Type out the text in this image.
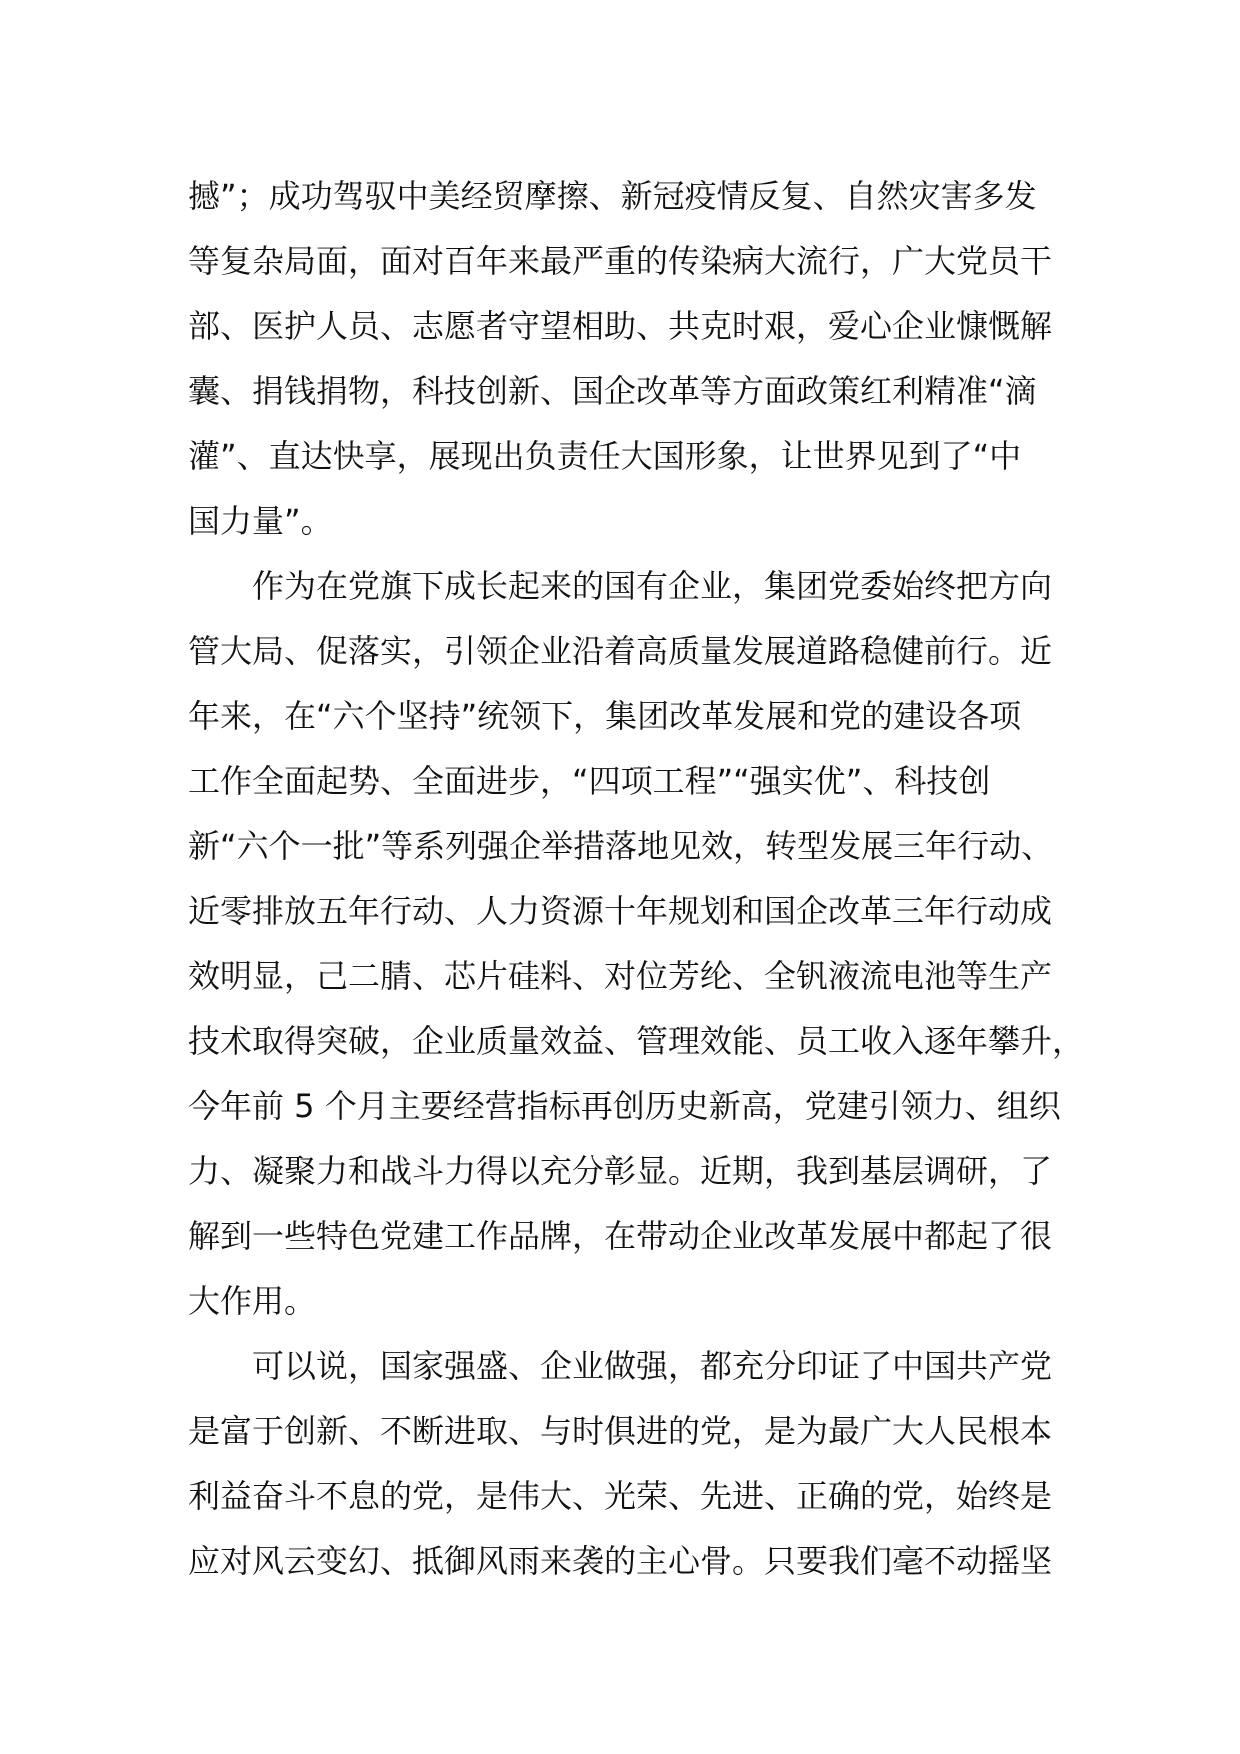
撼”；成功驾驭中美经贸摩擦、新冠疫情反复、自然灾害多发
等复杂局面，面对百年来最严重的传染病大流行，广大党员干
部、医护人员、志愿者守望相助、共克时艰，爱心企业慷慨解
囊、捐钱捐物，科技创新、国企改革等方面政策红利精准“滴
灌”、直达快享，展现出负责任大国形象，让世界见到了“中
国力量”。
作为在党旗下成长起来的国有企业，集团党委始终把方向
管大局、促落实，引领企业沿着高质量发展道路稳健前行。近
年来，在“六个坚持”统领下，集团改革发展和党的建设各项
工作全面起势、全面进步，“四项工程”“强实优”、科技创
新“六个一批”等系列强企举措落地见效，转型发展三年行动、
近零排放五年行动、人力资源十年规划和国企改革三年行动成
效明显，己二腈、芯片硅料、对位芳纶、全钒液流电池等生产
技术取得突破，企业质量效益、管理效能、员工收入逐年攀升，
今年前 5 个月主要经营指标再创历史新高，党建引领力、组织
力、凝聚力和战斗力得以充分彰显。近期，我到基层调研，了
解到一些特色党建工作品牌，在带动企业改革发展中都起了很
大作用。
可以说，国家强盛、企业做强，都充分印证了中国共产党
是富于创新、不断进取、与时俱进的党，是为最广大人民根本
利益奋斗不息的党，是伟大、光荣、先进、正确的党，始终是
应对风云变幻、抵御风雨来袭的主心骨。只要我们毫不动摇坚
